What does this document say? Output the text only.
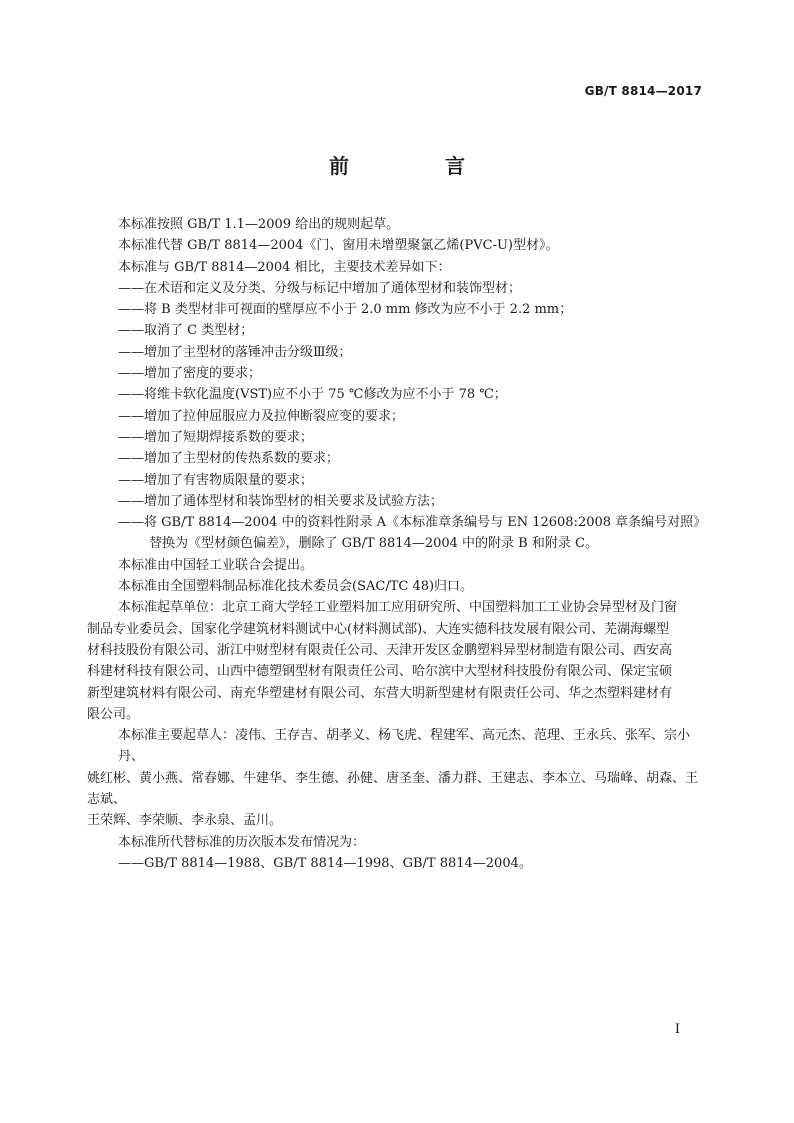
GB/T 8814—2017
前　言
本标准按照 GB/T 1.1—2009 给出的规则起草。
本标准代替 GB/T 8814—2004《门、窗用未增塑聚氯乙烯(PVC-U)型材》。
本标准与 GB/T 8814—2004 相比，主要技术差异如下：
——在术语和定义及分类、分级与标记中增加了通体型材和装饰型材；
——将 B 类型材非可视面的壁厚应不小于 2.0 mm 修改为应不小于 2.2 mm；
——取消了 C 类型材；
——增加了主型材的落锤冲击分级Ⅲ级；
——增加了密度的要求；
——将维卡软化温度(VST)应不小于 75 ℃修改为应不小于 78 ℃；
——增加了拉伸屈服应力及拉伸断裂应变的要求；
——增加了短期焊接系数的要求；
——增加了主型材的传热系数的要求；
——增加了有害物质限量的要求；
——增加了通体型材和装饰型材的相关要求及试验方法；
——将 GB/T 8814—2004 中的资料性附录 A《本标准章条编号与 EN 12608:2008 章条编号对照》
替换为《型材颜色偏差》，删除了 GB/T 8814—2004 中的附录 B 和附录 C。
本标准由中国轻工业联合会提出。
本标准由全国塑料制品标准化技术委员会(SAC/TC 48)归口。
本标准起草单位：北京工商大学轻工业塑料加工应用研究所、中国塑料加工工业协会异型材及门窗
制品专业委员会、国家化学建筑材料测试中心(材料测试部)、大连实德科技发展有限公司、芜湖海螺型
材科技股份有限公司、浙江中财型材有限责任公司、天津开发区金鹏塑料异型材制造有限公司、西安高
科建材科技有限公司、山西中德塑钢型材有限责任公司、哈尔滨中大型材科技股份有限公司、保定宝硕
新型建筑材料有限公司、南充华塑建材有限公司、东营大明新型建材有限责任公司、华之杰塑料建材有
限公司。
本标准主要起草人：凌伟、王存吉、胡孝义、杨飞虎、程建军、高元杰、范理、王永兵、张军、宗小丹、
姚红彬、黄小燕、常春娜、牛建华、李生德、孙健、唐圣奎、潘力群、王建志、李本立、马瑞峰、胡森、王志斌、
王荣辉、李荣顺、李永泉、孟川。
本标准所代替标准的历次版本发布情况为：
——GB/T 8814—1988、GB/T 8814—1998、GB/T 8814—2004。
Ⅰ
